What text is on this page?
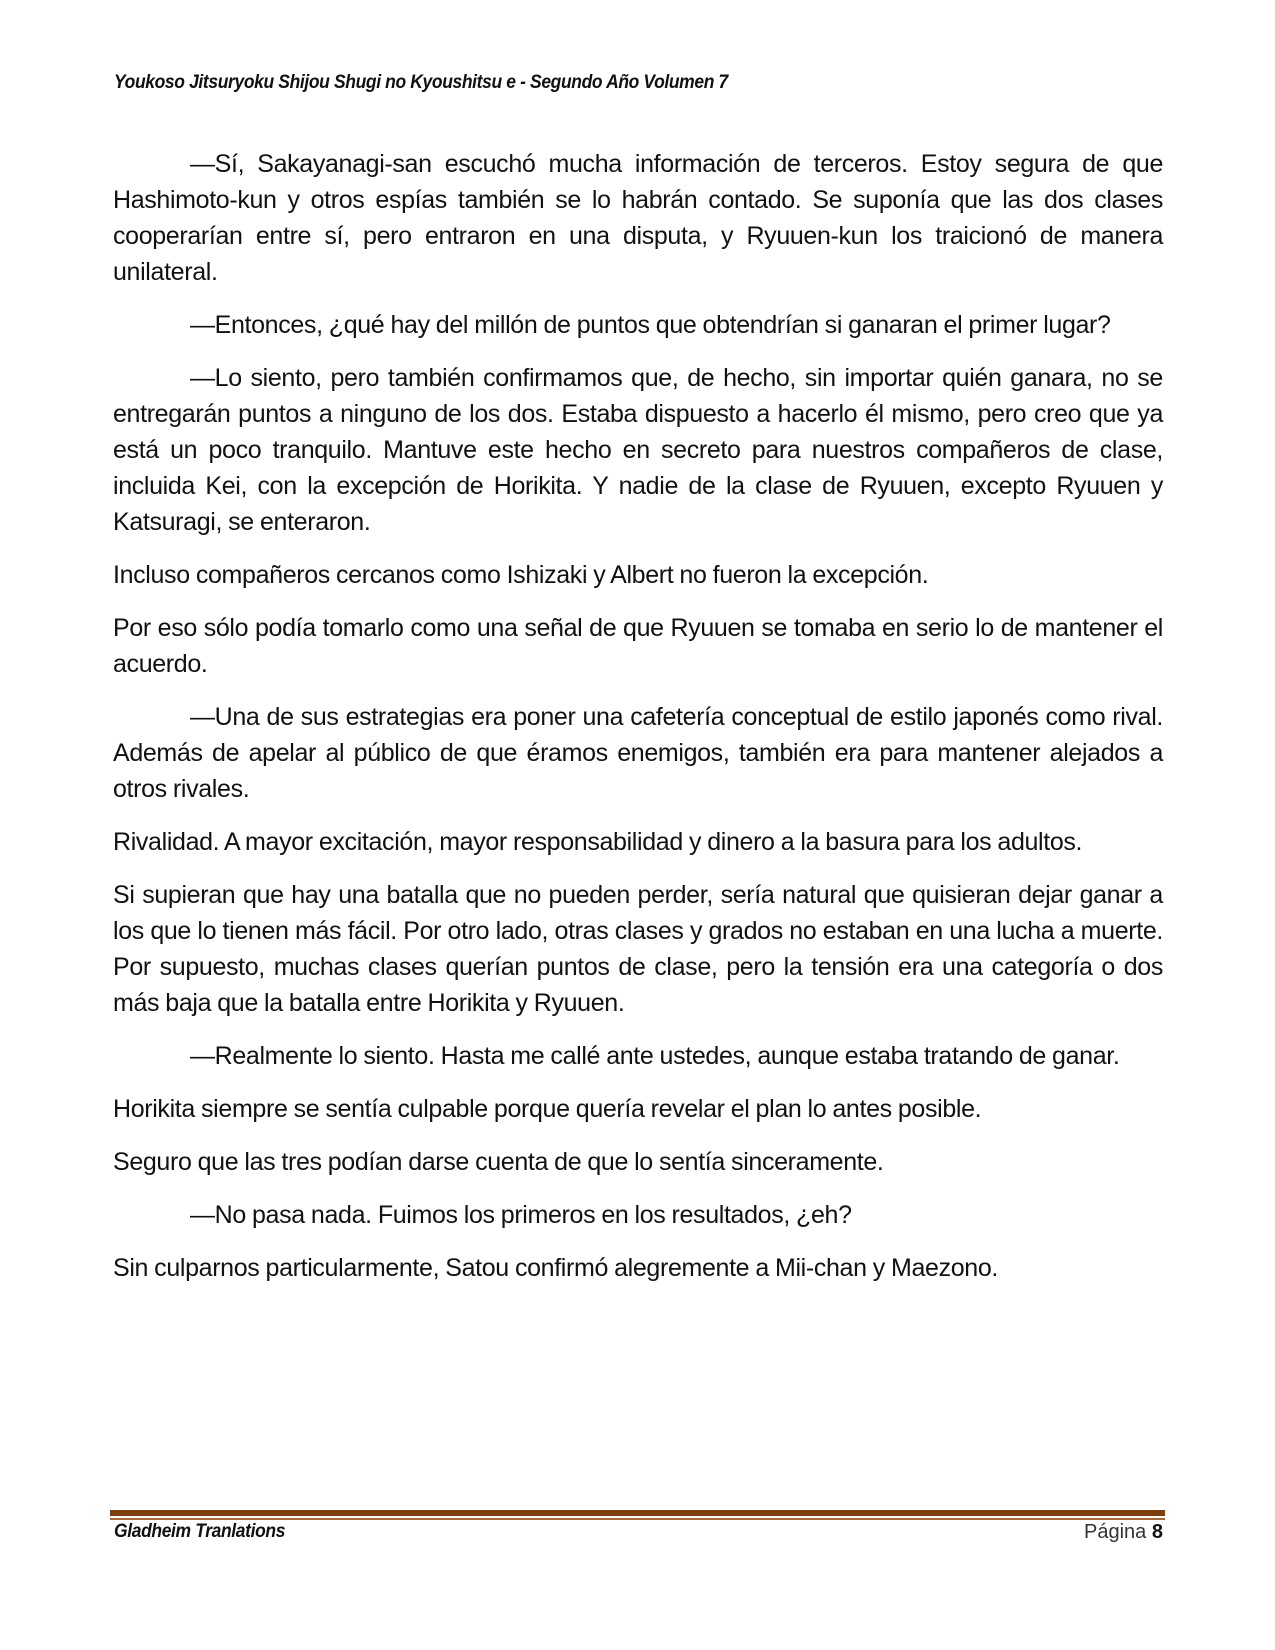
Youkoso Jitsuryoku Shijou Shugi no Kyoushitsu e - Segundo Año Volumen 7

—Sí, Sakayanagi-san escuchó mucha información de terceros. Estoy segura de que Hashimoto-kun y otros espías también se lo habrán contado. Se suponía que las dos clases cooperarían entre sí, pero entraron en una disputa, y Ryuuen-kun los traicionó de manera unilateral.

—Entonces, ¿qué hay del millón de puntos que obtendrían si ganaran el primer lugar?

—Lo siento, pero también confirmamos que, de hecho, sin importar quién ganara, no se entregarán puntos a ninguno de los dos. Estaba dispuesto a hacerlo él mismo, pero creo que ya está un poco tranquilo. Mantuve este hecho en secreto para nuestros compañeros de clase, incluida Kei, con la excepción de Horikita. Y nadie de la clase de Ryuuen, excepto Ryuuen y Katsuragi, se enteraron.

Incluso compañeros cercanos como Ishizaki y Albert no fueron la excepción.

Por eso sólo podía tomarlo como una señal de que Ryuuen se tomaba en serio lo de mantener el acuerdo.

—Una de sus estrategias era poner una cafetería conceptual de estilo japonés como rival. Además de apelar al público de que éramos enemigos, también era para mantener alejados a otros rivales.

Rivalidad. A mayor excitación, mayor responsabilidad y dinero a la basura para los adultos.

Si supieran que hay una batalla que no pueden perder, sería natural que quisieran dejar ganar a los que lo tienen más fácil. Por otro lado, otras clases y grados no estaban en una lucha a muerte. Por supuesto, muchas clases querían puntos de clase, pero la tensión era una categoría o dos más baja que la batalla entre Horikita y Ryuuen.

—Realmente lo siento. Hasta me callé ante ustedes, aunque estaba tratando de ganar.

Horikita siempre se sentía culpable porque quería revelar el plan lo antes posible.

Seguro que las tres podían darse cuenta de que lo sentía sinceramente.

—No pasa nada. Fuimos los primeros en los resultados, ¿eh?

Sin culparnos particularmente, Satou confirmó alegremente a Mii-chan y Maezono.

Gladheim Tranlations	Página 8
